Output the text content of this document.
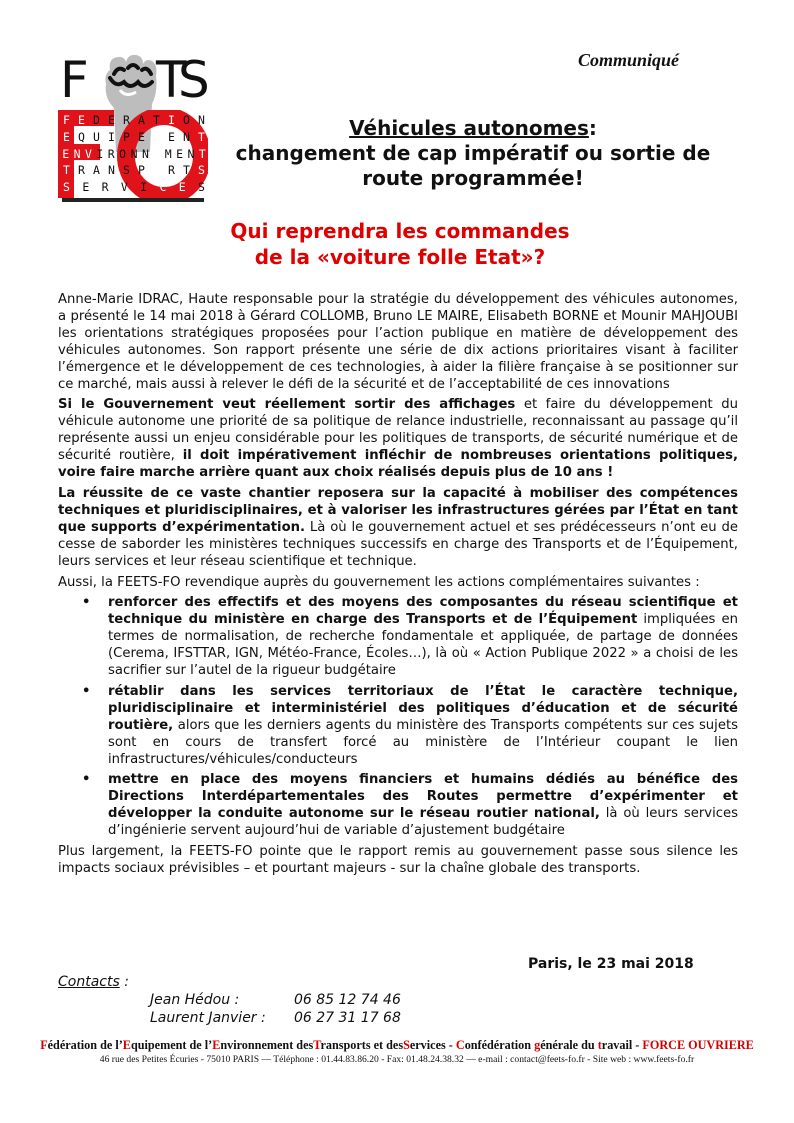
Communiqué
F T
S
F E D E R A T I O N
E Q U I P E M E N T
E N V I R O N N E M E N T
T R A N S P O R T S
S E R V I C E S
Véhicules autonomes:
changement de cap impératif ou sortie de
route programmée!
Qui reprendra les commandes
de la «voiture folle Etat»?

Anne-Marie IDRAC, Haute responsable pour la stratégie du développement des véhicules autonomes, a présenté le 14 mai 2018 à Gérard COLLOMB, Bruno LE MAIRE, Elisabeth BORNE et Mounir MAHJOUBI les orientations stratégiques proposées pour l’action publique en matière de développement des véhicules autonomes. Son rapport présente une série de dix actions prioritaires visant à faciliter l’émergence et le développement de ces technologies, à aider la filière française à se positionner sur ce marché, mais aussi à relever le défi de la sécurité et de l’acceptabilité de ces innovations

Si le Gouvernement veut réellement sortir des affichages et faire du développement du véhicule autonome une priorité de sa politique de relance industrielle, reconnaissant au passage qu’il représente aussi un enjeu considérable pour les politiques de transports, de sécurité numérique et de sécurité routière, il doit impérativement infléchir de nombreuses orientations politiques, voire faire marche arrière quant aux choix réalisés depuis plus de 10 ans !

La réussite de ce vaste chantier reposera sur la capacité à mobiliser des compétences techniques et pluridisciplinaires, et à valoriser les infrastructures gérées par l’État en tant que supports d’expérimentation. Là où le gouvernement actuel et ses prédécesseurs n’ont eu de cesse de saborder les ministères techniques successifs en charge des Transports et de l’Équipement, leurs services et leur réseau scientifique et technique.

Aussi, la FEETS-FO revendique auprès du gouvernement les actions complémentaires suivantes :

• renforcer des effectifs et des moyens des composantes du réseau scientifique et technique du ministère en charge des Transports et de l’Équipement impliquées en termes de normalisation, de recherche fondamentale et appliquée, de partage de données (Cerema, IFSTTAR, IGN, Météo-France, Écoles…), là où « Action Publique 2022 » a choisi de les sacrifier sur l’autel de la rigueur budgétaire
• rétablir dans les services territoriaux de l’État le caractère technique, pluridisciplinaire et interministériel des politiques d’éducation et de sécurité routière, alors que les derniers agents du ministère des Transports compétents sur ces sujets sont en cours de transfert forcé au ministère de l’Intérieur coupant le lien infrastructures/véhicules/conducteurs
• mettre en place des moyens financiers et humains dédiés au bénéfice des Directions Interdépartementales des Routes permettre d’expérimenter et développer la conduite autonome sur le réseau routier national, là où leurs services d’ingénierie servent aujourd’hui de variable d’ajustement budgétaire

Plus largement, la FEETS-FO pointe que le rapport remis au gouvernement passe sous silence les impacts sociaux prévisibles – et pourtant majeurs - sur la chaîne globale des transports.

Paris, le 23 mai 2018
Contacts :
Jean Hédou :	06 85 12 74 46
Laurent Janvier : 06 27 31 17 68
Fédération de l’Equipement de l’Environnement desTransports et desServices - Confédération générale du travail - FORCE OUVRIERE
46 rue des Petites Écuries - 75010 PARIS — Téléphone : 01.44.83.86.20 - Fax: 01.48.24.38.32 — e-mail : contact@feets-fo.fr - Site web : www.feets-fo.fr
